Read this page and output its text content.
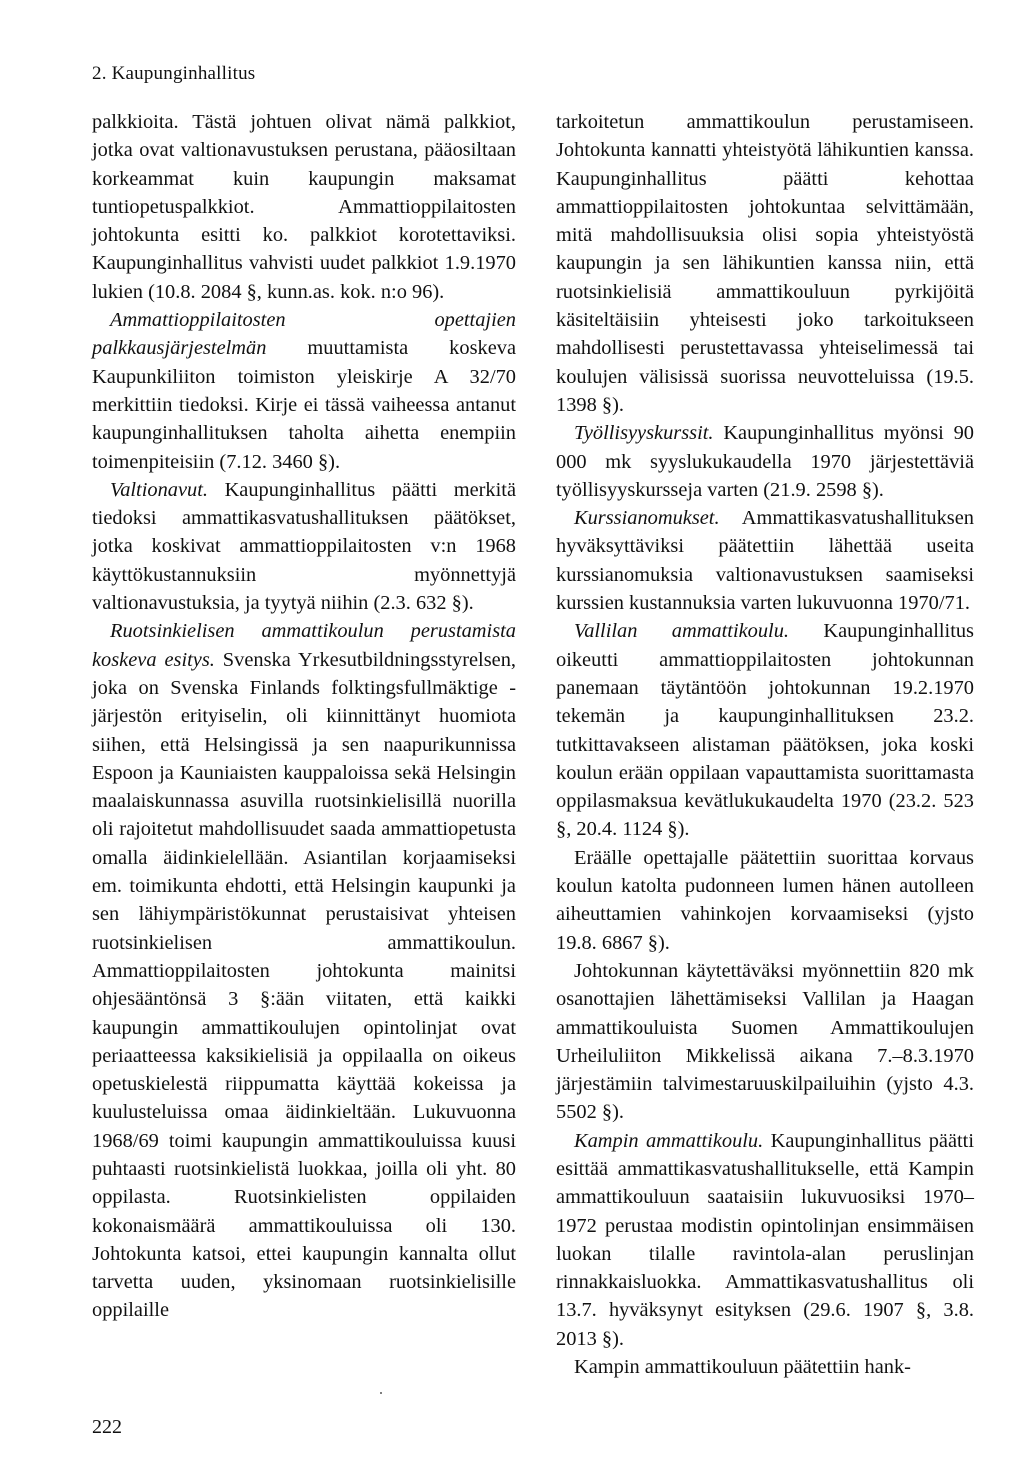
2. Kaupunginhallitus

palkkioita. Tästä johtuen olivat nämä palkkiot, jotka ovat valtionavustuksen perustana, pääosiltaan korkeammat kuin kaupungin maksamat tuntiopetuspalkkiot. Ammattioppilaitosten johtokunta esitti ko. palkkiot korotettaviksi. Kaupunginhallitus vahvisti uudet palkkiot 1.9.1970 lukien (10.8. 2084 §, kunn.as. kok. n:o 96).

Ammattioppilaitosten opettajien palkkausjärjestelmän muuttamista koskeva Kaupunkiliiton toimiston yleiskirje A 32/70 merkittiin tiedoksi. Kirje ei tässä vaiheessa antanut kaupunginhallituksen taholta aihetta enempiin toimenpiteisiin (7.12. 3460 §).

Valtionavut. Kaupunginhallitus päätti merkitä tiedoksi ammattikasvatushallituksen päätökset, jotka koskivat ammattioppilaitosten v:n 1968 käyttökustannuksiin myönnettyjä valtionavustuksia, ja tyytyä niihin (2.3. 632 §).

Ruotsinkielisen ammattikoulun perustamista koskeva esitys. Svenska Yrkesutbildningsstyrelsen, joka on Svenska Finlands folktingsfullmäktige -järjestön erityiselin, oli kiinnittänyt huomiota siihen, että Helsingissä ja sen naapurikunnissa Espoon ja Kauniaisten kauppaloissa sekä Helsingin maalaiskunnassa asuvilla ruotsinkielisillä nuorilla oli rajoitetut mahdollisuudet saada ammattiopetusta omalla äidinkielellään. Asiantilan korjaamiseksi em. toimikunta ehdotti, että Helsingin kaupunki ja sen lähiympäristökunnat perustaisivat yhteisen ruotsinkielisen ammattikoulun. Ammattioppilaitosten johtokunta mainitsi ohjesääntönsä 3 §:ään viitaten, että kaikki kaupungin ammattikoulujen opintolinjat ovat periaatteessa kaksikielisiä ja oppilaalla on oikeus opetuskielestä riippumatta käyttää kokeissa ja kuulusteluissa omaa äidinkieltään. Lukuvuonna 1968/69 toimi kaupungin ammattikouluissa kuusi puhtaasti ruotsinkielistä luokkaa, joilla oli yht. 80 oppilasta. Ruotsinkielisten oppilaiden kokonaismäärä ammattikouluissa oli 130. Johtokunta katsoi, ettei kaupungin kannalta ollut tarvetta uuden, yksinomaan ruotsinkielisille oppilaille

tarkoitetun ammattikoulun perustamiseen. Johtokunta kannatti yhteistyötä lähikuntien kanssa. Kaupunginhallitus päätti kehottaa ammattioppilaitosten johtokuntaa selvittämään, mitä mahdollisuuksia olisi sopia yhteistyöstä kaupungin ja sen lähikuntien kanssa niin, että ruotsinkielisiä ammattikouluun pyrkijöitä käsiteltäisiin yhteisesti joko tarkoitukseen mahdollisesti perustettavassa yhteiselimessä tai koulujen välisissä suorissa neuvotteluissa (19.5. 1398 §).

Työllisyyskurssit. Kaupunginhallitus myönsi 90 000 mk syyslukukaudella 1970 järjestettäviä työllisyyskursseja varten (21.9. 2598 §).

Kurssianomukset. Ammattikasvatushallituksen hyväksyttäviksi päätettiin lähettää useita kurssianomuksia valtionavustuksen saamiseksi kurssien kustannuksia varten lukuvuonna 1970/71.

Vallilan ammattikoulu. Kaupunginhallitus oikeutti ammattioppilaitosten johtokunnan panemaan täytäntöön johtokunnan 19.2.1970 tekemän ja kaupunginhallituksen 23.2. tutkittavakseen alistaman päätöksen, joka koski koulun erään oppilaan vapauttamista suorittamasta oppilasmaksua kevätlukukaudelta 1970 (23.2. 523 §, 20.4. 1124 §).

Eräälle opettajalle päätettiin suorittaa korvaus koulun katolta pudonneen lumen hänen autolleen aiheuttamien vahinkojen korvaamiseksi (yjsto 19.8. 6867 §).

Johtokunnan käytettäväksi myönnettiin 820 mk osanottajien lähettämiseksi Vallilan ja Haagan ammattikouluista Suomen Ammattikoulujen Urheiluliiton Mikkelissä aikana 7.–8.3.1970 järjestämiin talvimestaruuskilpailuihin (yjsto 4.3. 5502 §).

Kampin ammattikoulu. Kaupunginhallitus päätti esittää ammattikasvatushallitukselle, että Kampin ammattikouluun saataisiin lukuvuosiksi 1970–1972 perustaa modistin opintolinjan ensimmäisen luokan tilalle ravintola-alan peruslinjan rinnakkaisluokka. Ammattikasvatushallitus oli 13.7. hyväksynyt esityksen (29.6. 1907 §, 3.8. 2013 §).

Kampin ammattikouluun päätettiin hank-

222
